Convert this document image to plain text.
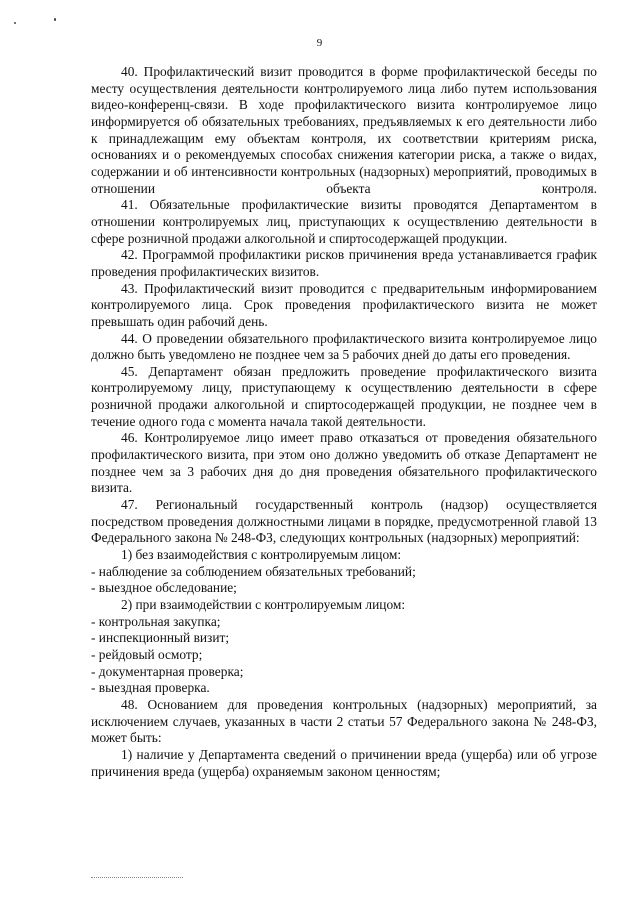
9

40. Профилактический визит проводится в форме профилактической беседы по месту осуществления деятельности контролируемого лица либо путем использования видео-конференц-связи. В ходе профилактического визита контролируемое лицо информируется об обязательных требованиях, предъявляемых к его деятельности либо к принадлежащим ему объектам контроля, их соответствии критериям риска, основаниях и о рекомендуемых способах снижения категории риска, а также о видах, содержании и об интенсивности контрольных (надзорных) мероприятий, проводимых в отношении объекта контроля.

41. Обязательные профилактические визиты проводятся Департаментом в отношении контролируемых лиц, приступающих к осуществлению деятельности в сфере розничной продажи алкогольной и спиртосодержащей продукции.

42. Программой профилактики рисков причинения вреда устанавливается график проведения профилактических визитов.

43. Профилактический визит проводится с предварительным информированием контролируемого лица. Срок проведения профилактического визита не может превышать один рабочий день.

44. О проведении обязательного профилактического визита контролируемое лицо должно быть уведомлено не позднее чем за 5 рабочих дней до даты его проведения.

45. Департамент обязан предложить проведение профилактического визита контролируемому лицу, приступающему к осуществлению деятельности в сфере розничной продажи алкогольной и спиртосодержащей продукции, не позднее чем в течение одного года с момента начала такой деятельности.

46. Контролируемое лицо имеет право отказаться от проведения обязательного профилактического визита, при этом оно должно уведомить об отказе Департамент не позднее чем за 3 рабочих дня до дня проведения обязательного профилактического визита.

47. Региональный государственный контроль (надзор) осуществляется посредством проведения должностными лицами в порядке, предусмотренной главой 13 Федерального закона № 248-ФЗ, следующих контрольных (надзорных) мероприятий:

1) без взаимодействия с контролируемым лицом:

- наблюдение за соблюдением обязательных требований;

- выездное обследование;

2) при взаимодействии с контролируемым лицом:

- контрольная закупка;

- инспекционный визит;

- рейдовый осмотр;

- документарная проверка;

- выездная проверка.

48. Основанием для проведения контрольных (надзорных) мероприятий, за исключением случаев, указанных в части 2 статьи 57 Федерального закона № 248-ФЗ, может быть:

1) наличие у Департамента сведений о причинении вреда (ущерба) или об угрозе причинения вреда (ущерба) охраняемым законом ценностям;
